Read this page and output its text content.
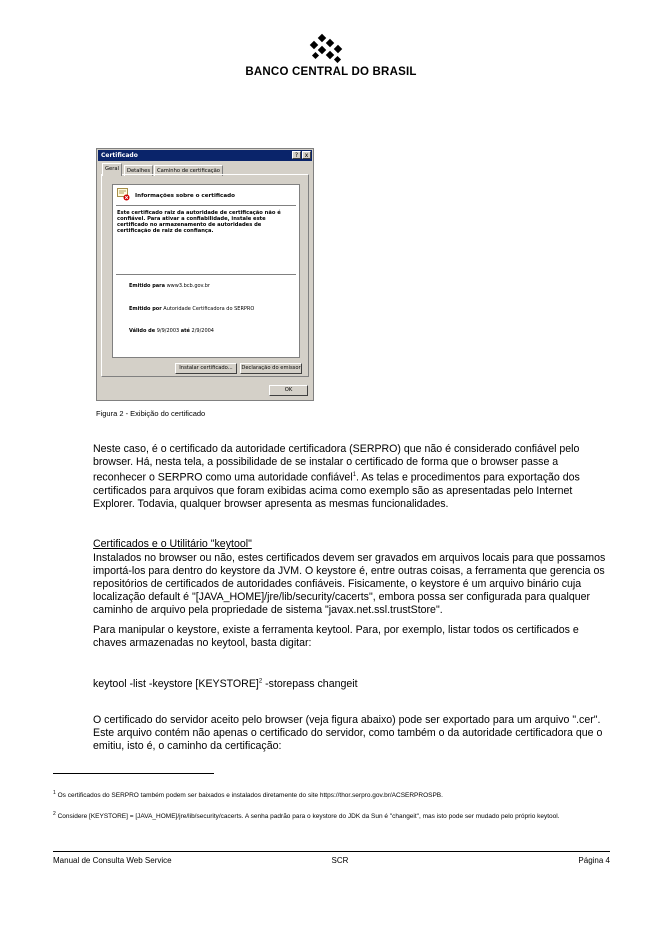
BANCO CENTRAL DO BRASIL
Certificado	?	x
Geral	Detalhes	Caminho de certificação
Informações sobre o certificado
Este certificado raiz da autoridade de certificação não é confiável. Para ativar a confiabilidade, instale este certificado no armazenamento de autoridades de certificação de raiz de confiança.
Emitido para www3.bcb.gov.br
Emitido por Autoridade Certificadora do SERPRO
Válido de 9/9/2003 até 2/9/2004
Instalar certificado...	Declaração do emissor
OK
Figura 2 - Exibição do certificado
Neste caso, é o certificado da autoridade certificadora (SERPRO) que não é considerado confiável pelo browser. Há, nesta tela, a possibilidade de se instalar o certificado de forma que o browser passe a reconhecer o SERPRO como uma autoridade confiável$^1$. As telas e procedimentos para exportação dos certificados para arquivos que foram exibidas acima como exemplo são as apresentadas pelo Internet Explorer. Todavia, qualquer browser apresenta as mesmas funcionalidades.
Certificados e o Utilitário "keytool"
Instalados no browser ou não, estes certificados devem ser gravados em arquivos locais para que possamos importá-los para dentro do keystore da JVM. O keystore é, entre outras coisas, a ferramenta que gerencia os repositórios de certificados de autoridades confiáveis. Fisicamente, o keystore é um arquivo binário cuja localização default é "[JAVA_HOME]/jre/lib/security/cacerts", embora possa ser configurada para qualquer caminho de arquivo pela propriedade de sistema "javax.net.ssl.trustStore".
Para manipular o keystore, existe a ferramenta keytool. Para, por exemplo, listar todos os certificados e chaves armazenadas no keytool, basta digitar:
keytool -list -keystore [KEYSTORE]$^2$ -storepass changeit
O certificado do servidor aceito pelo browser (veja figura abaixo) pode ser exportado para um arquivo ".cer". Este arquivo contém não apenas o certificado do servidor, como também o da autoridade certificadora que o emitiu, isto é, o caminho da certificação:
$^1$ Os certificados do SERPRO também podem ser baixados e instalados diretamente do site https://thor.serpro.gov.br/ACSERPROSPB.
$^2$ Considere [KEYSTORE] = [JAVA_HOME]/jre/lib/security/cacerts. A senha padrão para o keystore do JDK da Sun é "changeit", mas isto pode ser mudado pelo próprio keytool.
Manual de Consulta Web Service	SCR	Página 4
